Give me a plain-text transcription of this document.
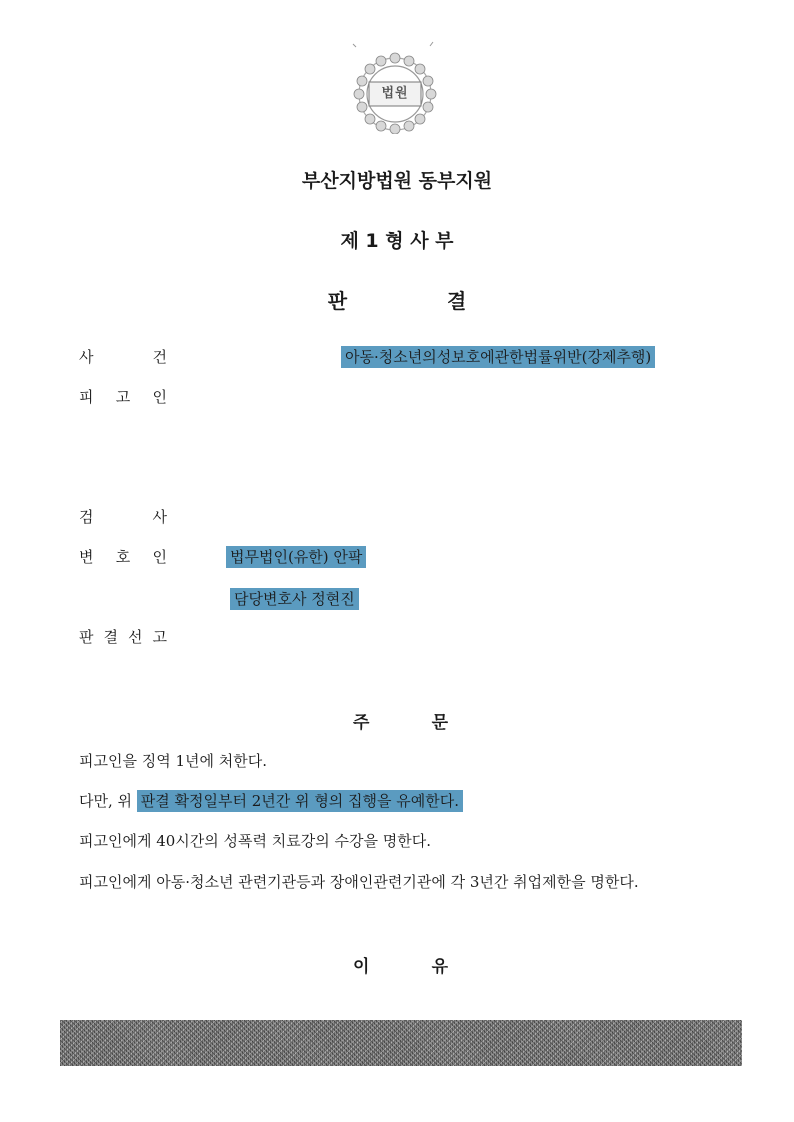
법원
부산지방법원 동부지원
제 1 형 사 부
판	결
사	건	아동·청소년의성보호에관한법률위반(강제추행)
피 고 인
검	사
변 호 인	법무법인(유한) 안팍
담당변호사 정현진
판 결 선 고
주	문
피고인을 징역 1년에 처한다.
다만, 위 판결 확정일부터 2년간 위 형의 집행을 유예한다.
피고인에게 40시간의 성폭력 치료강의 수강을 명한다.
피고인에게 아동·청소년 관련기관등과 장애인관련기관에 각 3년간 취업제한을 명한다.
이	유
